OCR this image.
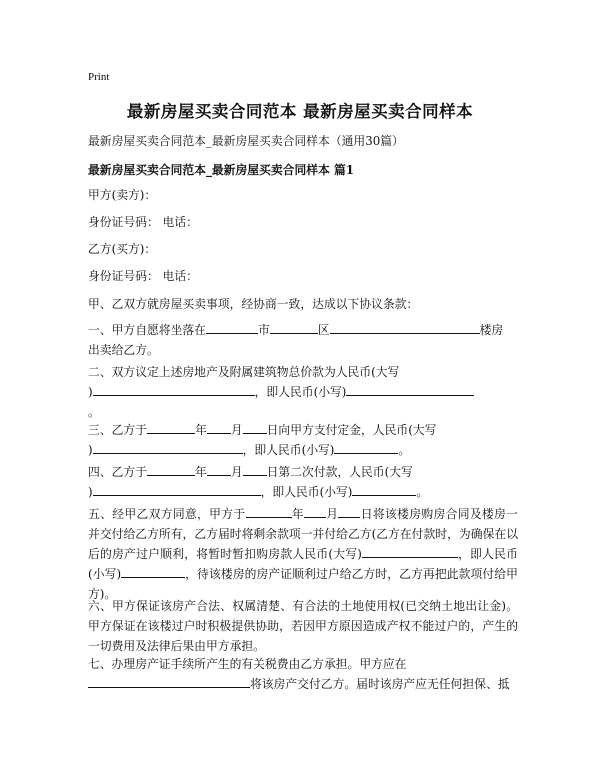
Print
最新房屋买卖合同范本 最新房屋买卖合同样本
最新房屋买卖合同范本_最新房屋买卖合同样本（通用30篇）
最新房屋买卖合同范本_最新房屋买卖合同样本 篇1
甲方(卖方)：
身份证号码： 电话：
乙方(买方)：
身份证号码： 电话：
甲、乙双方就房屋买卖事项，经协商一致，达成以下协议条款：
一、甲方自愿将坐落在	市	区	楼房
出卖给乙方。
二、双方议定上述房地产及附属建筑物总价款为人民币(大写
)	，即人民币(小写)
。
三、乙方于	年 月 日向甲方支付定金，人民币(大写
)	，即人民币(小写)	。
四、乙方于	年 月 日第二次付款，人民币(大写
)	，即人民币(小写)	。
五、经甲乙双方同意，甲方于	年 月 日将该楼房购房合同及楼房一并交付给乙方所有，乙方届时将剩余款项一并付给乙方(乙方在付款时，为确保在以后的房产过户顺利，将暂时暂扣购房款人民币(大写)	，即人民币(小写)	，待该楼房的房产证顺利过户给乙方时，乙方再把此款项付给甲方)。
六、甲方保证该房产合法、权属清楚、有合法的土地使用权(已交纳土地出让金)。甲方保证在该楼过户时积极提供协助，若因甲方原因造成产权不能过户的，产生的一切费用及法律后果由甲方承担。
七、办理房产证手续所产生的有关税费由乙方承担。甲方应在
将该房产交付乙方。届时该房产应无任何担保、抵
